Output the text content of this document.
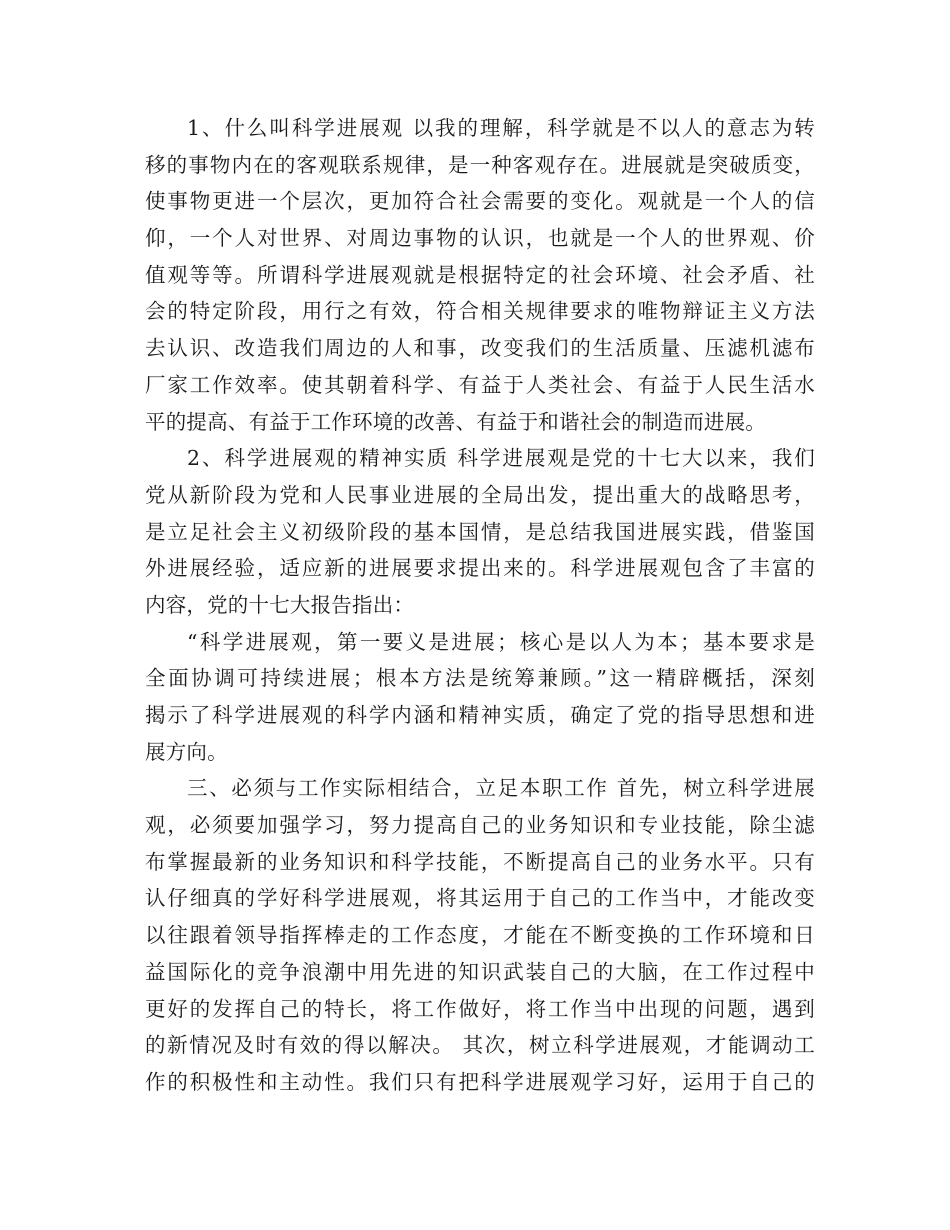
1、什么叫科学进展观 以我的理解，科学就是不以人的意志为转
移的事物内在的客观联系规律，是一种客观存在。进展就是突破质变，
使事物更进一个层次，更加符合社会需要的变化。观就是一个人的信
仰，一个人对世界、对周边事物的认识，也就是一个人的世界观、价
值观等等。所谓科学进展观就是根据特定的社会环境、社会矛盾、社
会的特定阶段，用行之有效，符合相关规律要求的唯物辩证主义方法
去认识、改造我们周边的人和事，改变我们的生活质量、压滤机滤布
厂家工作效率。使其朝着科学、有益于人类社会、有益于人民生活水
平的提高、有益于工作环境的改善、有益于和谐社会的制造而进展。
2、科学进展观的精神实质 科学进展观是党的十七大以来，我们
党从新阶段为党和人民事业进展的全局出发，提出重大的战略思考，
是立足社会主义初级阶段的基本国情，是总结我国进展实践，借鉴国
外进展经验，适应新的进展要求提出来的。科学进展观包含了丰富的
内容，党的十七大报告指出：
“科学进展观，第一要义是进展；核心是以人为本；基本要求是
全面协调可持续进展；根本方法是统筹兼顾。”这一精辟概括，深刻
揭示了科学进展观的科学内涵和精神实质，确定了党的指导思想和进
展方向。
三、必须与工作实际相结合，立足本职工作 首先，树立科学进展
观，必须要加强学习，努力提高自己的业务知识和专业技能，除尘滤
布掌握最新的业务知识和科学技能，不断提高自己的业务水平。只有
认仔细真的学好科学进展观，将其运用于自己的工作当中，才能改变
以往跟着领导指挥棒走的工作态度，才能在不断变换的工作环境和日
益国际化的竞争浪潮中用先进的知识武装自己的大脑，在工作过程中
更好的发挥自己的特长，将工作做好，将工作当中出现的问题，遇到
的新情况及时有效的得以解决。 其次，树立科学进展观，才能调动工
作的积极性和主动性。我们只有把科学进展观学习好，运用于自己的
